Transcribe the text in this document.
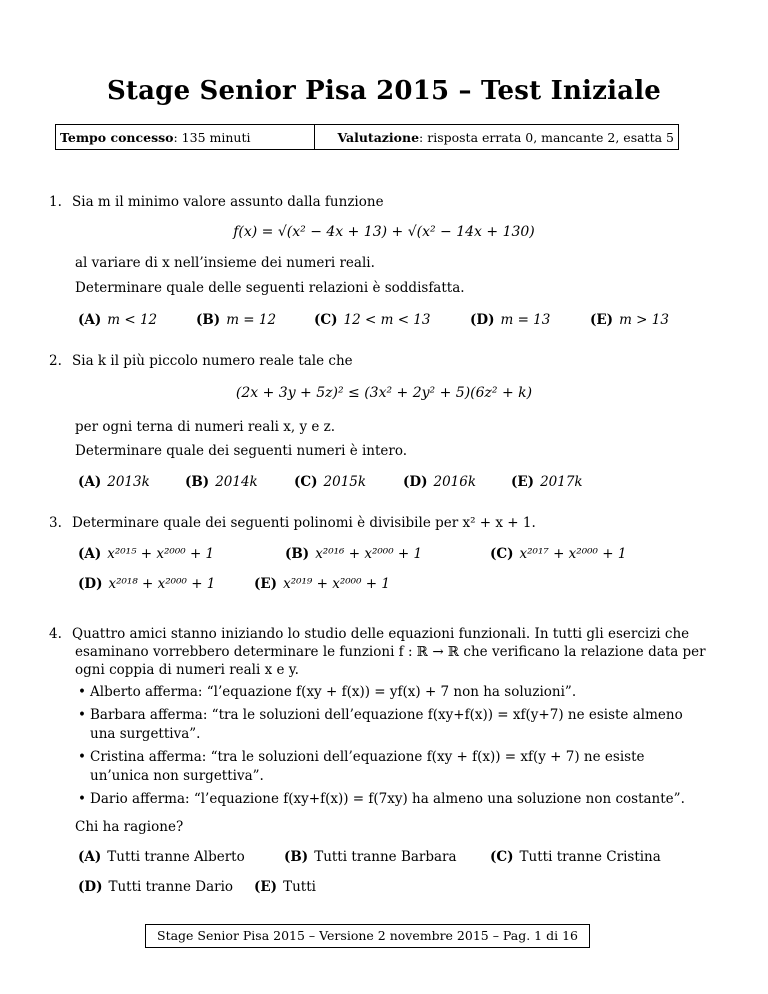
Stage Senior Pisa 2015 – Test Iniziale
Tempo concesso: 135 minuti	Valutazione: risposta errata 0, mancante 2, esatta 5
1. Sia m il minimo valore assunto dalla funzione
f(x) = √(x² − 4x + 13) + √(x² − 14x + 130)
al variare di x nell’insieme dei numeri reali.
Determinare quale delle seguenti relazioni è soddisfatta.
(A) m < 12	(B) m = 12	(C) 12 < m < 13	(D) m = 13	(E) m > 13
2. Sia k il più piccolo numero reale tale che
(2x + 3y + 5z)² ≤ (3x² + 2y² + 5)(6z² + k)
per ogni terna di numeri reali x, y e z.
Determinare quale dei seguenti numeri è intero.
(A) 2013k	(B) 2014k	(C) 2015k	(D) 2016k	(E) 2017k
3. Determinare quale dei seguenti polinomi è divisibile per x² + x + 1.
(A) x²⁰¹⁵ + x²⁰⁰⁰ + 1	(B) x²⁰¹⁶ + x²⁰⁰⁰ + 1	(C) x²⁰¹⁷ + x²⁰⁰⁰ + 1
(D) x²⁰¹⁸ + x²⁰⁰⁰ + 1	(E) x²⁰¹⁹ + x²⁰⁰⁰ + 1
4. Quattro amici stanno iniziando lo studio delle equazioni funzionali. In tutti gli esercizi che
esaminano vorrebbero determinare le funzioni f : ℝ → ℝ che verificano la relazione data per
ogni coppia di numeri reali x e y.
• Alberto afferma: “l’equazione f(xy + f(x)) = yf(x) + 7 non ha soluzioni”.
• Barbara afferma: “tra le soluzioni dell’equazione f(xy+f(x)) = xf(y+7) ne esiste almeno
una surgettiva”.
• Cristina afferma: “tra le soluzioni dell’equazione f(xy + f(x)) = xf(y + 7) ne esiste
un’unica non surgettiva”.
• Dario afferma: “l’equazione f(xy+f(x)) = f(7xy) ha almeno una soluzione non costante”.
Chi ha ragione?
(A) Tutti tranne Alberto	(B) Tutti tranne Barbara (C) Tutti tranne Cristina
(D) Tutti tranne Dario (E) Tutti
Stage Senior Pisa 2015 – Versione 2 novembre 2015 – Pag. 1 di 16
